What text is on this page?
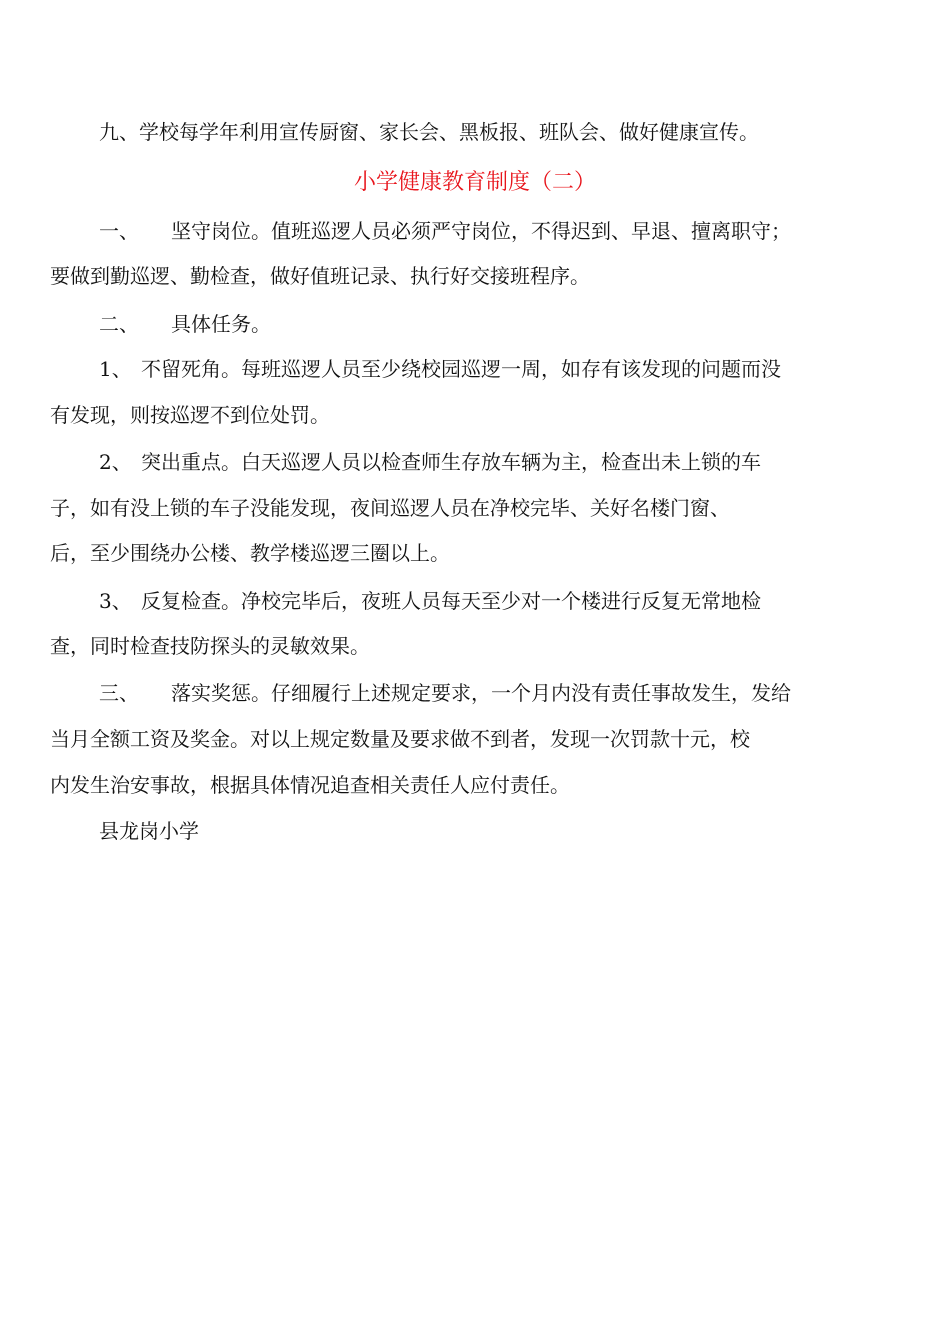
九、学校每学年利用宣传厨窗、家长会、黑板报、班队会、做好健康宣传。
小学健康教育制度（二）
一、 坚守岗位。值班巡逻人员必须严守岗位，不得迟到、早退、擅离职守；
要做到勤巡逻、勤检查，做好值班记录、执行好交接班程序。
二、 具体任务。
1、 不留死角。每班巡逻人员至少绕校园巡逻一周，如存有该发现的问题而没
有发现，则按巡逻不到位处罚。
2、 突出重点。白天巡逻人员以检查师生存放车辆为主，检查出未上锁的车
子，如有没上锁的车子没能发现，夜间巡逻人员在净校完毕、关好名楼门窗、
后，至少围绕办公楼、教学楼巡逻三圈以上。
3、 反复检查。净校完毕后，夜班人员每天至少对一个楼进行反复无常地检
查，同时检查技防探头的灵敏效果。
三、 落实奖惩。仔细履行上述规定要求，一个月内没有责任事故发生，发给
当月全额工资及奖金。对以上规定数量及要求做不到者，发现一次罚款十元，校
内发生治安事故，根据具体情况追查相关责任人应付责任。
县龙岗小学
